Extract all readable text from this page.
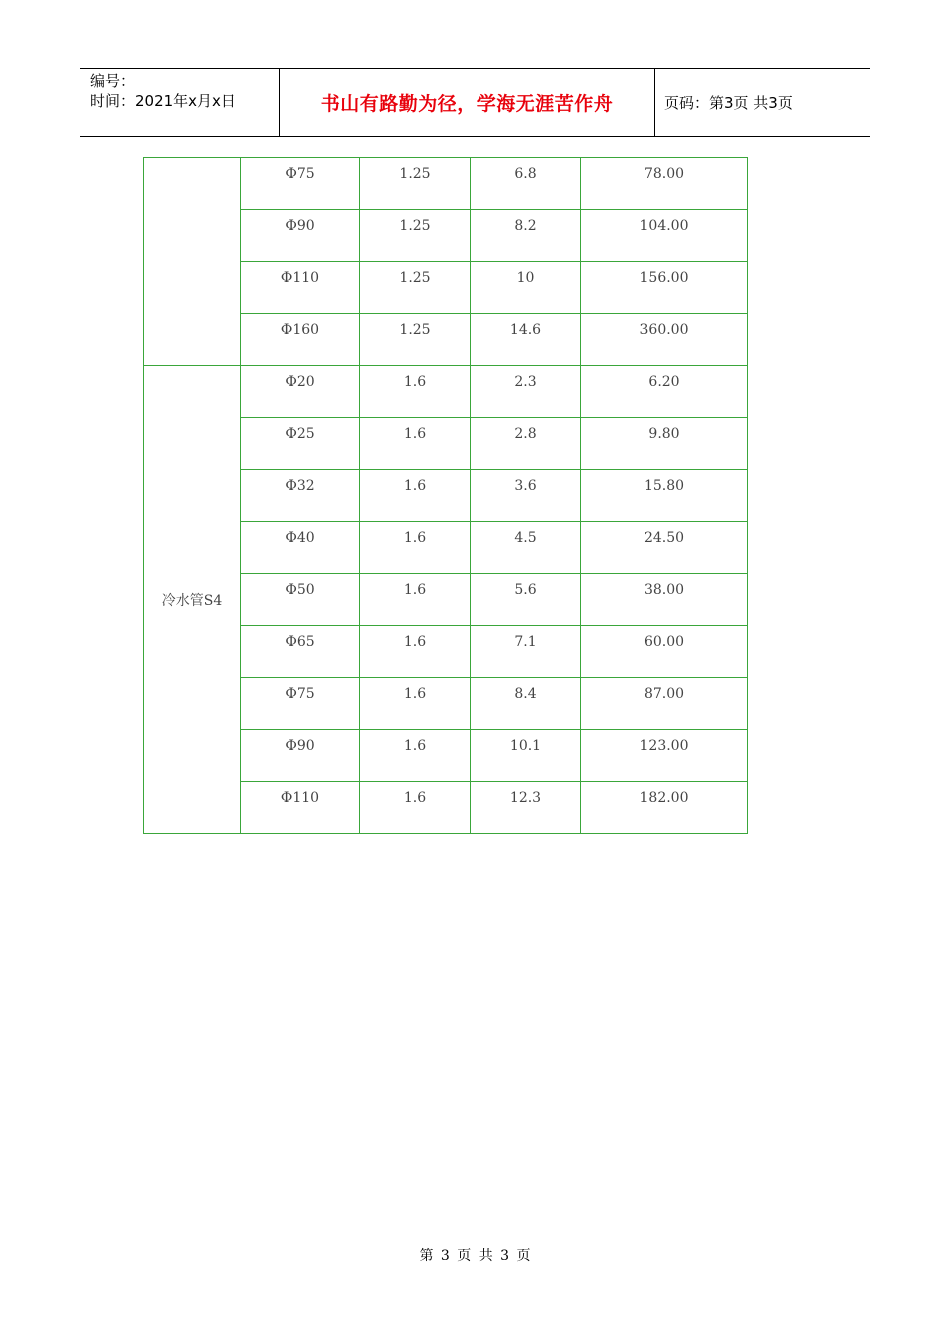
编号：
时间：2021年x月x日	书山有路勤为径，学海无涯苦作舟	页码：第3页 共3页
	Φ75	1.25	6.8	78.00
	Φ90	1.25	8.2	104.00
	Φ110	1.25	10	156.00
	Φ160	1.25	14.6	360.00
冷水管S4	Φ20	1.6	2.3	6.20
	Φ25	1.6	2.8	9.80
	Φ32	1.6	3.6	15.80
	Φ40	1.6	4.5	24.50
	Φ50	1.6	5.6	38.00
	Φ65	1.6	7.1	60.00
	Φ75	1.6	8.4	87.00
	Φ90	1.6	10.1	123.00
	Φ110	1.6	12.3	182.00
第 3 页 共 3 页
